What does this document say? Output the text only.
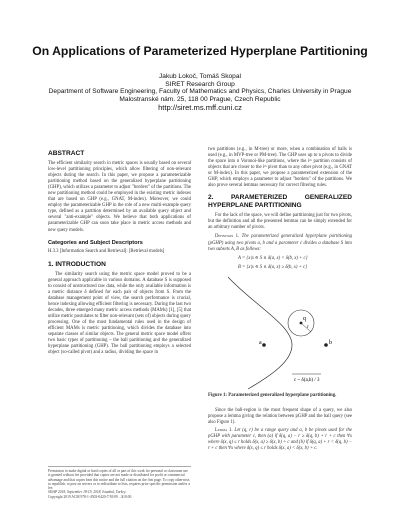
On Applications of Parameterized Hyperplane Partitioning
Jakub Lokoč, Tomáš Skopal
SIRET Research Group
Department of Software Engineering, Faculty of Mathematics and Physics, Charles University in Prague
Malostranské nám. 25, 118 00 Prague, Czech Republic
http://siret.ms.mff.cuni.cz
ABSTRACT

The efficient similarity search in metric spaces is usually based on several low-level partitioning principles, which allow filtering of non-relevant objects during the search. In this paper, we propose a parameterizable partitioning method based on the generalized hyperplane partitioning (GHP), which utilizes a parameter to adjust "borders" of the partitions. The new partitioning method could be employed in the existing metric indexes that are based on GHP (e.g., GNAT, M-index). Moreover, we could employ the parameterizable GHP in the role of a new multi-example query type, defined as a partition determined by an available query object and several "anti-example" objects. We believe that both applications of parameterizable GHP can soon take place in metric access methods and new query models.

Categories and Subject Descriptors

H.3.3 [Information Search and Retrieval]: [Retrieval models]

1. INTRODUCTION

The similarity search using the metric space model proved to be a general approach applicable in various domains. A database S is supposed to consist of unstructured raw data, while the only available information is a metric distance δ defined for each pair of objects from S. From the database management point of view, the search performance is crucial, hence indexing allowing efficient filtering is necessary. During the last two decades, three emerged many metric access methods (MAMs) [1], [5] that utilize metric postulates to filter non-relevant (sets of) objects during query processing. One of the most fundamental rules used in the design of efficient MAMs is metric partitioning, which divides the database into separate classes of similar objects. The general metric space model offers two basic types of partitioning – the ball partitioning and the generalized hyperplane partitioning (GHP). The ball partitioning employs a selected object (so-called pivot) and a radius, dividing the space in

Permission to make digital or hard copies of all or part of this work for personal or classroom use is granted without fee provided that copies are not made or distributed for profit or commercial advantage and that copies bear this notice and the full citation on the first page. To copy otherwise, to republish, to post on servers or to redistribute to lists, requires prior specific permission and/or a fee.

SISAP 2018, September 18-19, 2018, Istanbul, Turkey.

Copyright 2019 ACM 978-1-4503-0420-7/10/09 ...$10.00.

two partitions (e.g., in M-tree) or more, when a combination of balls is used (e.g., in MVP-tree or PM-tree). The GHP uses up to n pivots to divide the space into n Voronoi-like partitions, where the iᵗʰ partition consists of objects that are closer to the iᵗʰ pivot than to any other pivot (e.g., in GNAT or M-index). In this paper, we propose a parameterized extension of the GHP, which employs a parameter to adjust "borders" of the partitions. We also prove several lemmas necessary for correct filtering rules.

2. PARAMETERIZED GENERALIZED HYPERPLANE PARTITIONING

For the lack of the space, we will define partitioning just for two pivots, but the definition and all the presented lemmas can be simply extended for an arbitrary number of pivots.

Definition 1. The parameterized generalized hyperplane partitioning (pGHP) using two pivots a, b and a parameter c divides a database S into two subsets A, B as follows:

A = {x|x ∈ S ∧ δ(a, x) < δ(b, x) + c}
B = {x|x ∈ S ∧ δ(a, x) ≥ δ(b, x) + c}
a	b
q
r
c ~ δ(a,b) / 3
Figure 1: Parameterized generalized hyperplane partitioning.

Since the ball-region is the most frequent shape of a query, we also propose a lemma giving the relation between pGHP and the ball query (see also Figure 1).

Lemma 1. Let (q, r) be a range query and a, b be pivots used for the pGHP with parameter c, then (a) if δ(q, a) − r ≥ δ(q, b) + r + c then ∀x where δ(x, q) ≤ r holds δ(x, a) ≥ δ(x, b) + c and (b) if δ(q, a) + r < δ(q, b) − r + c then ∀x where δ(x, q) ≤ r holds δ(x, a) < δ(x, b) + c.
